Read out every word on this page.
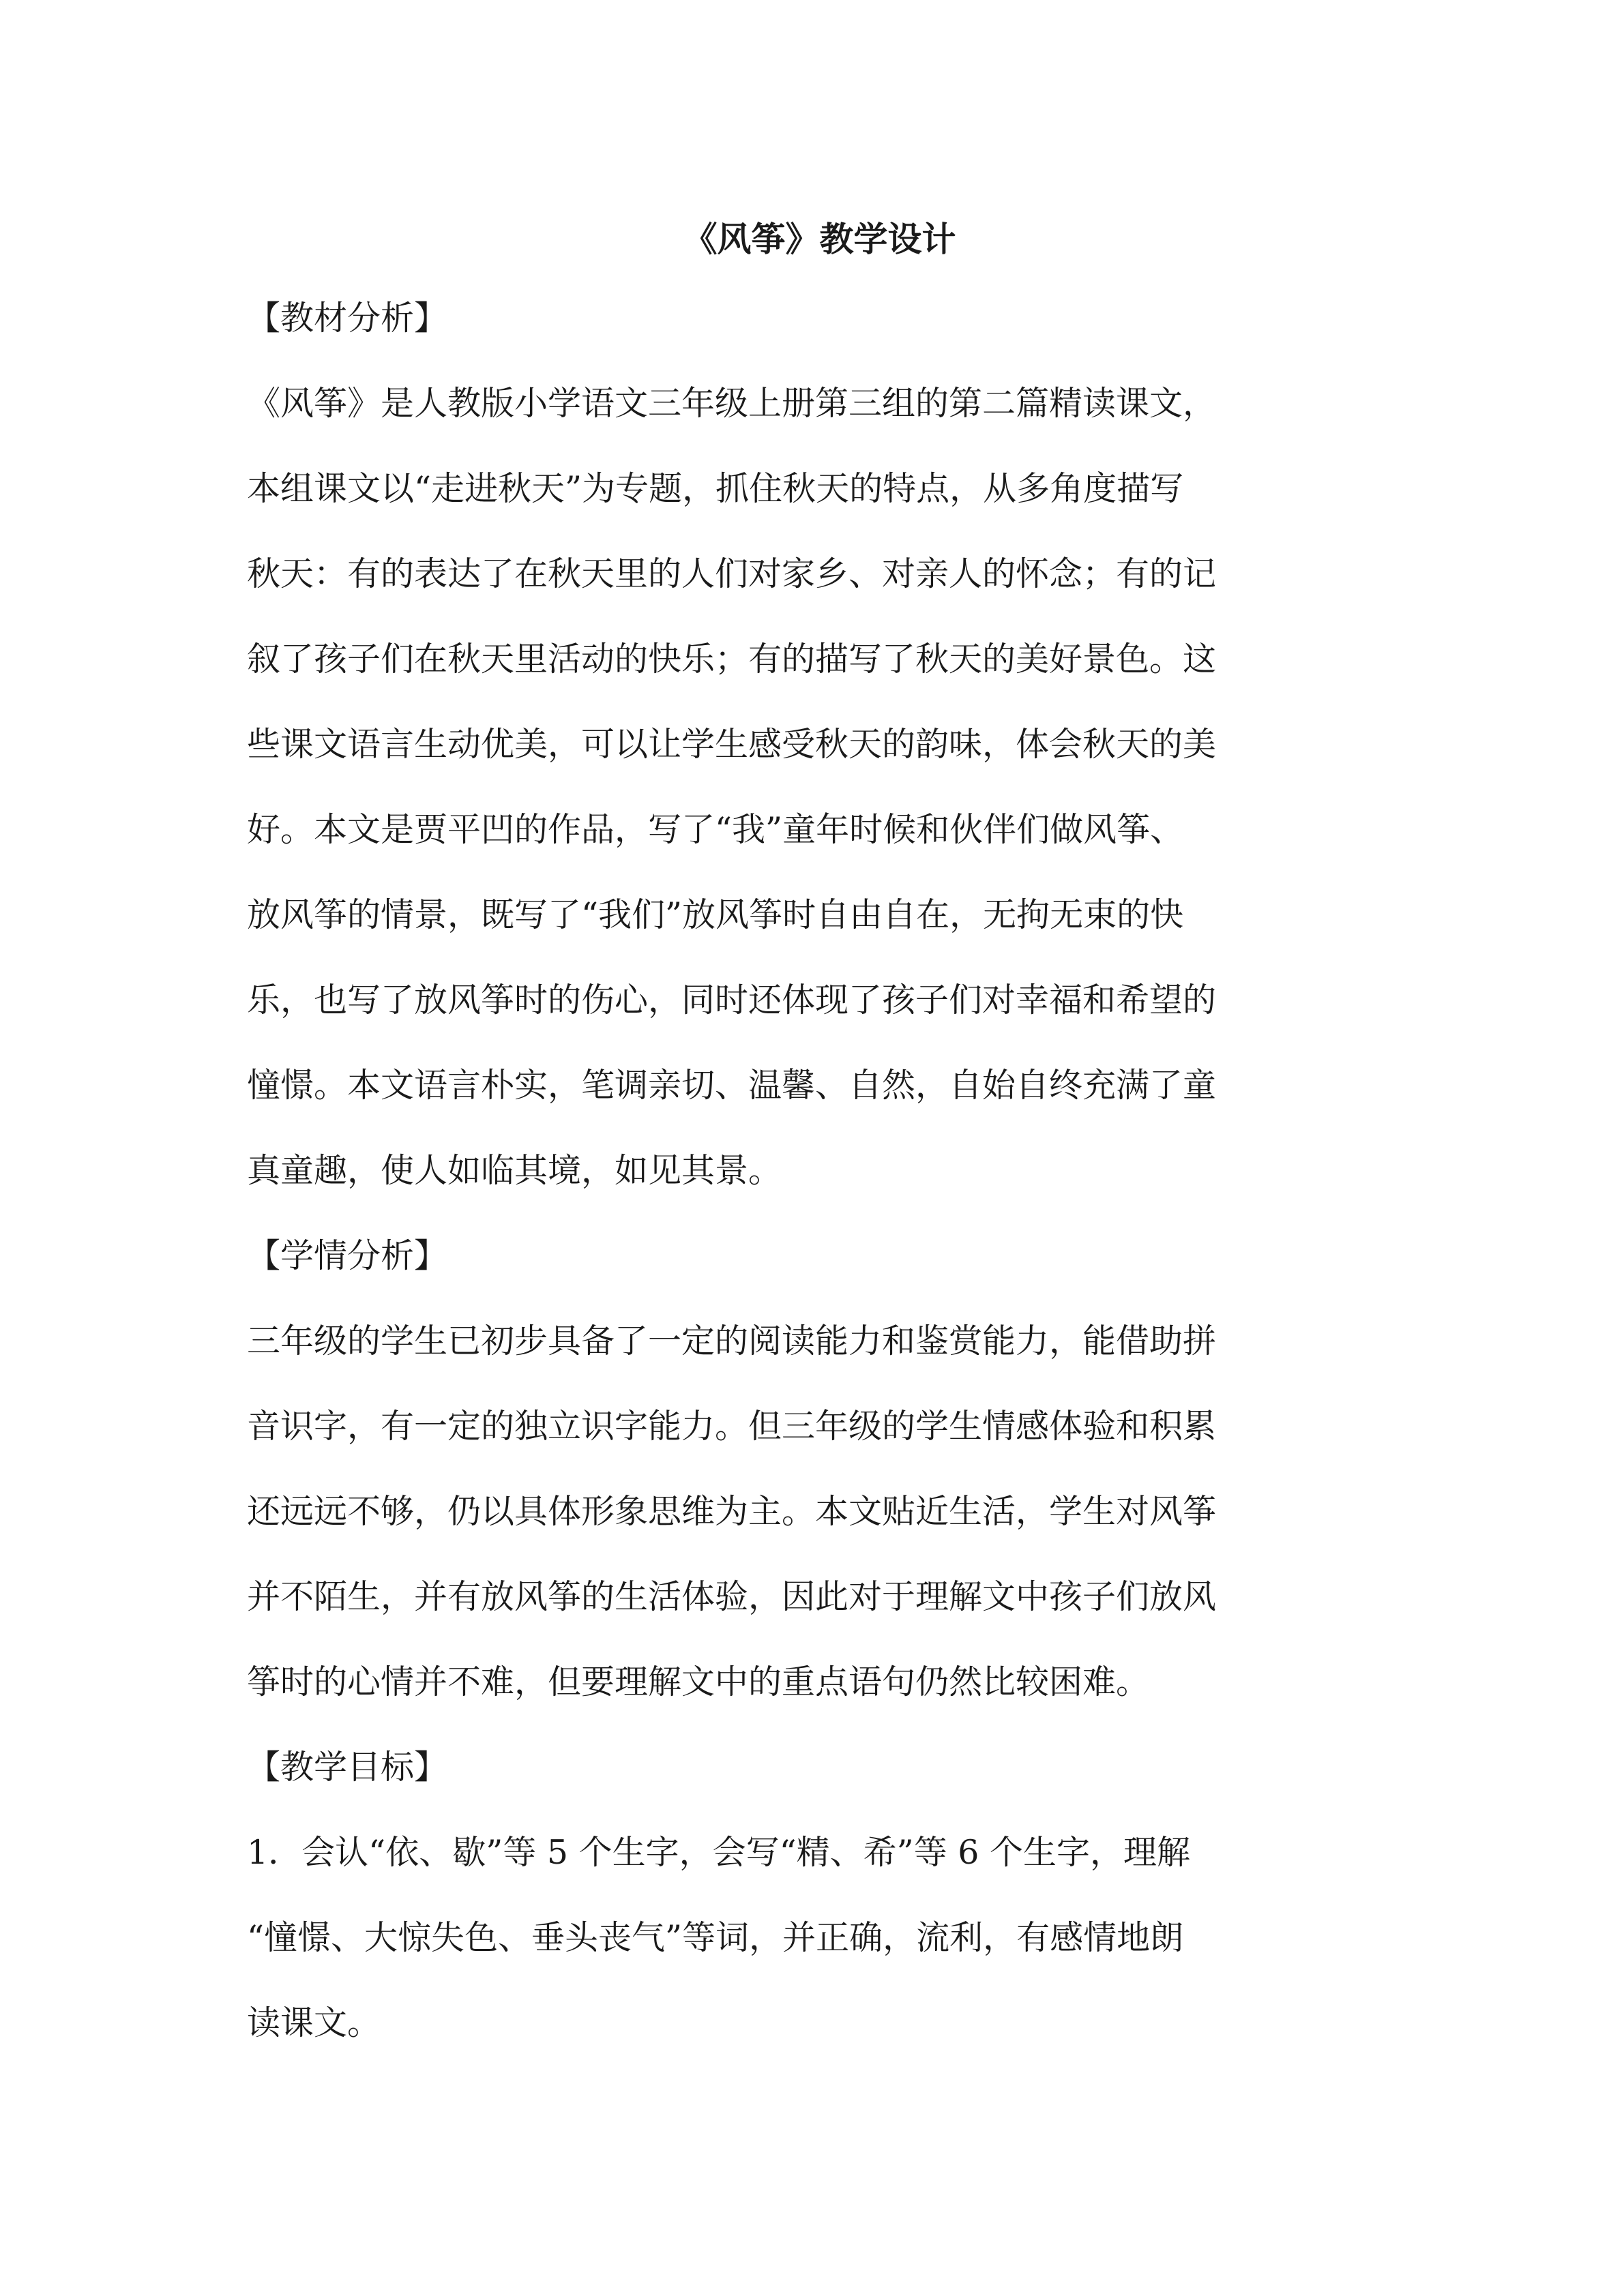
《风筝》教学设计
【教材分析】
《风筝》是人教版小学语文三年级上册第三组的第二篇精读课文，
本组课文以“走进秋天”为专题，抓住秋天的特点，从多角度描写
秋天：有的表达了在秋天里的人们对家乡、对亲人的怀念；有的记
叙了孩子们在秋天里活动的快乐；有的描写了秋天的美好景色。这
些课文语言生动优美，可以让学生感受秋天的韵味，体会秋天的美
好。本文是贾平凹的作品，写了“我”童年时候和伙伴们做风筝、
放风筝的情景，既写了“我们”放风筝时自由自在，无拘无束的快
乐，也写了放风筝时的伤心，同时还体现了孩子们对幸福和希望的
憧憬。本文语言朴实，笔调亲切、温馨、自然，自始自终充满了童
真童趣，使人如临其境，如见其景。
【学情分析】
三年级的学生已初步具备了一定的阅读能力和鉴赏能力，能借助拼
音识字，有一定的独立识字能力。但三年级的学生情感体验和积累
还远远不够，仍以具体形象思维为主。本文贴近生活，学生对风筝
并不陌生，并有放风筝的生活体验，因此对于理解文中孩子们放风
筝时的心情并不难，但要理解文中的重点语句仍然比较困难。
【教学目标】
1．会认“依、歇”等 5 个生字，会写“精、希”等 6 个生字，理解
“憧憬、大惊失色、垂头丧气”等词，并正确，流利，有感情地朗
读课文。
